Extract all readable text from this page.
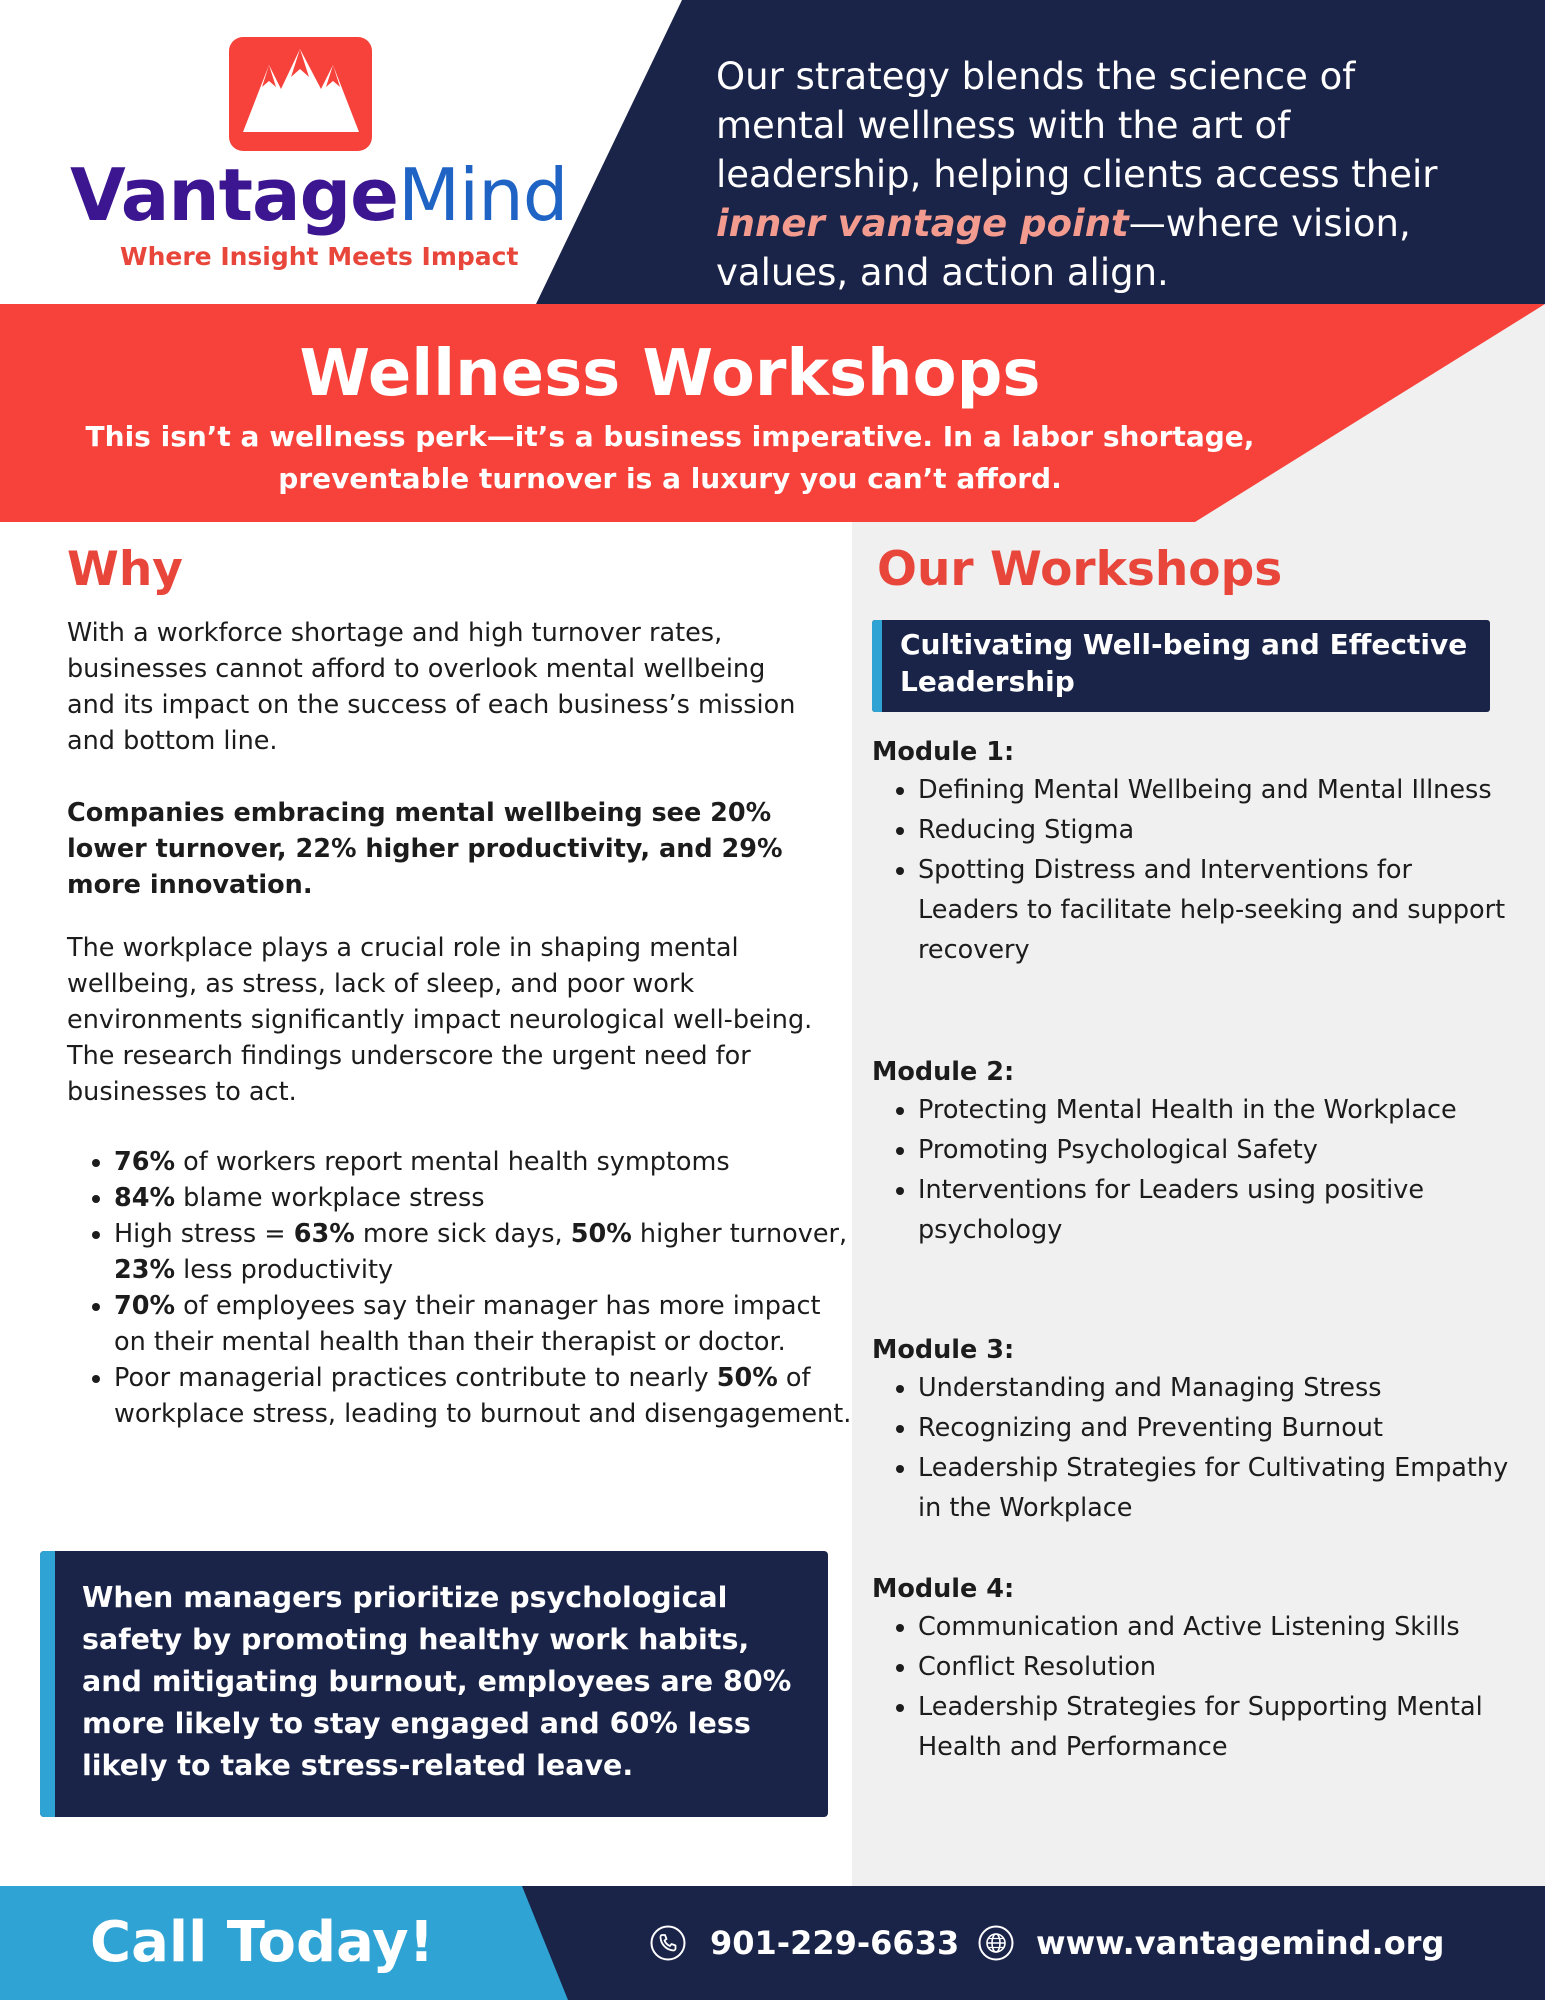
VantageMind
Where Insight Meets Impact
Our strategy blends the science of mental wellness with the art of leadership, helping clients access their inner vantage point—where vision, values, and action align.
Wellness Workshops
This isn’t a wellness perk—it’s a business imperative. In a labor shortage,
preventable turnover is a luxury you can’t afford.
Why
With a workforce shortage and high turnover rates, businesses cannot afford to overlook mental wellbeing and its impact on the success of each business’s mission and bottom line.
Companies embracing mental wellbeing see 20% lower turnover, 22% higher productivity, and 29% more innovation.
The workplace plays a crucial role in shaping mental wellbeing, as stress, lack of sleep, and poor work environments significantly impact neurological well-being. The research findings underscore the urgent need for businesses to act.
• 76% of workers report mental health symptoms
• 84% blame workplace stress
• High stress = 63% more sick days, 50% higher turnover, 23% less productivity
• 70% of employees say their manager has more impact on their mental health than their therapist or doctor.
• Poor managerial practices contribute to nearly 50% of workplace stress, leading to burnout and disengagement.
When managers prioritize psychological safety by promoting healthy work habits, and mitigating burnout, employees are 80% more likely to stay engaged and 60% less likely to take stress-related leave.
Our Workshops
Cultivating Well-being and Effective Leadership
Module 1:
• Defining Mental Wellbeing and Mental Illness
• Reducing Stigma
• Spotting Distress and Interventions for Leaders to facilitate help-seeking and support recovery
Module 2:
• Protecting Mental Health in the Workplace
• Promoting Psychological Safety
• Interventions for Leaders using positive psychology
Module 3:
• Understanding and Managing Stress
• Recognizing and Preventing Burnout
• Leadership Strategies for Cultivating Empathy in the Workplace
Module 4:
• Communication and Active Listening Skills
• Conflict Resolution
• Leadership Strategies for Supporting Mental Health and Performance
Call Today!	901-229-6633 www.vantagemind.org
